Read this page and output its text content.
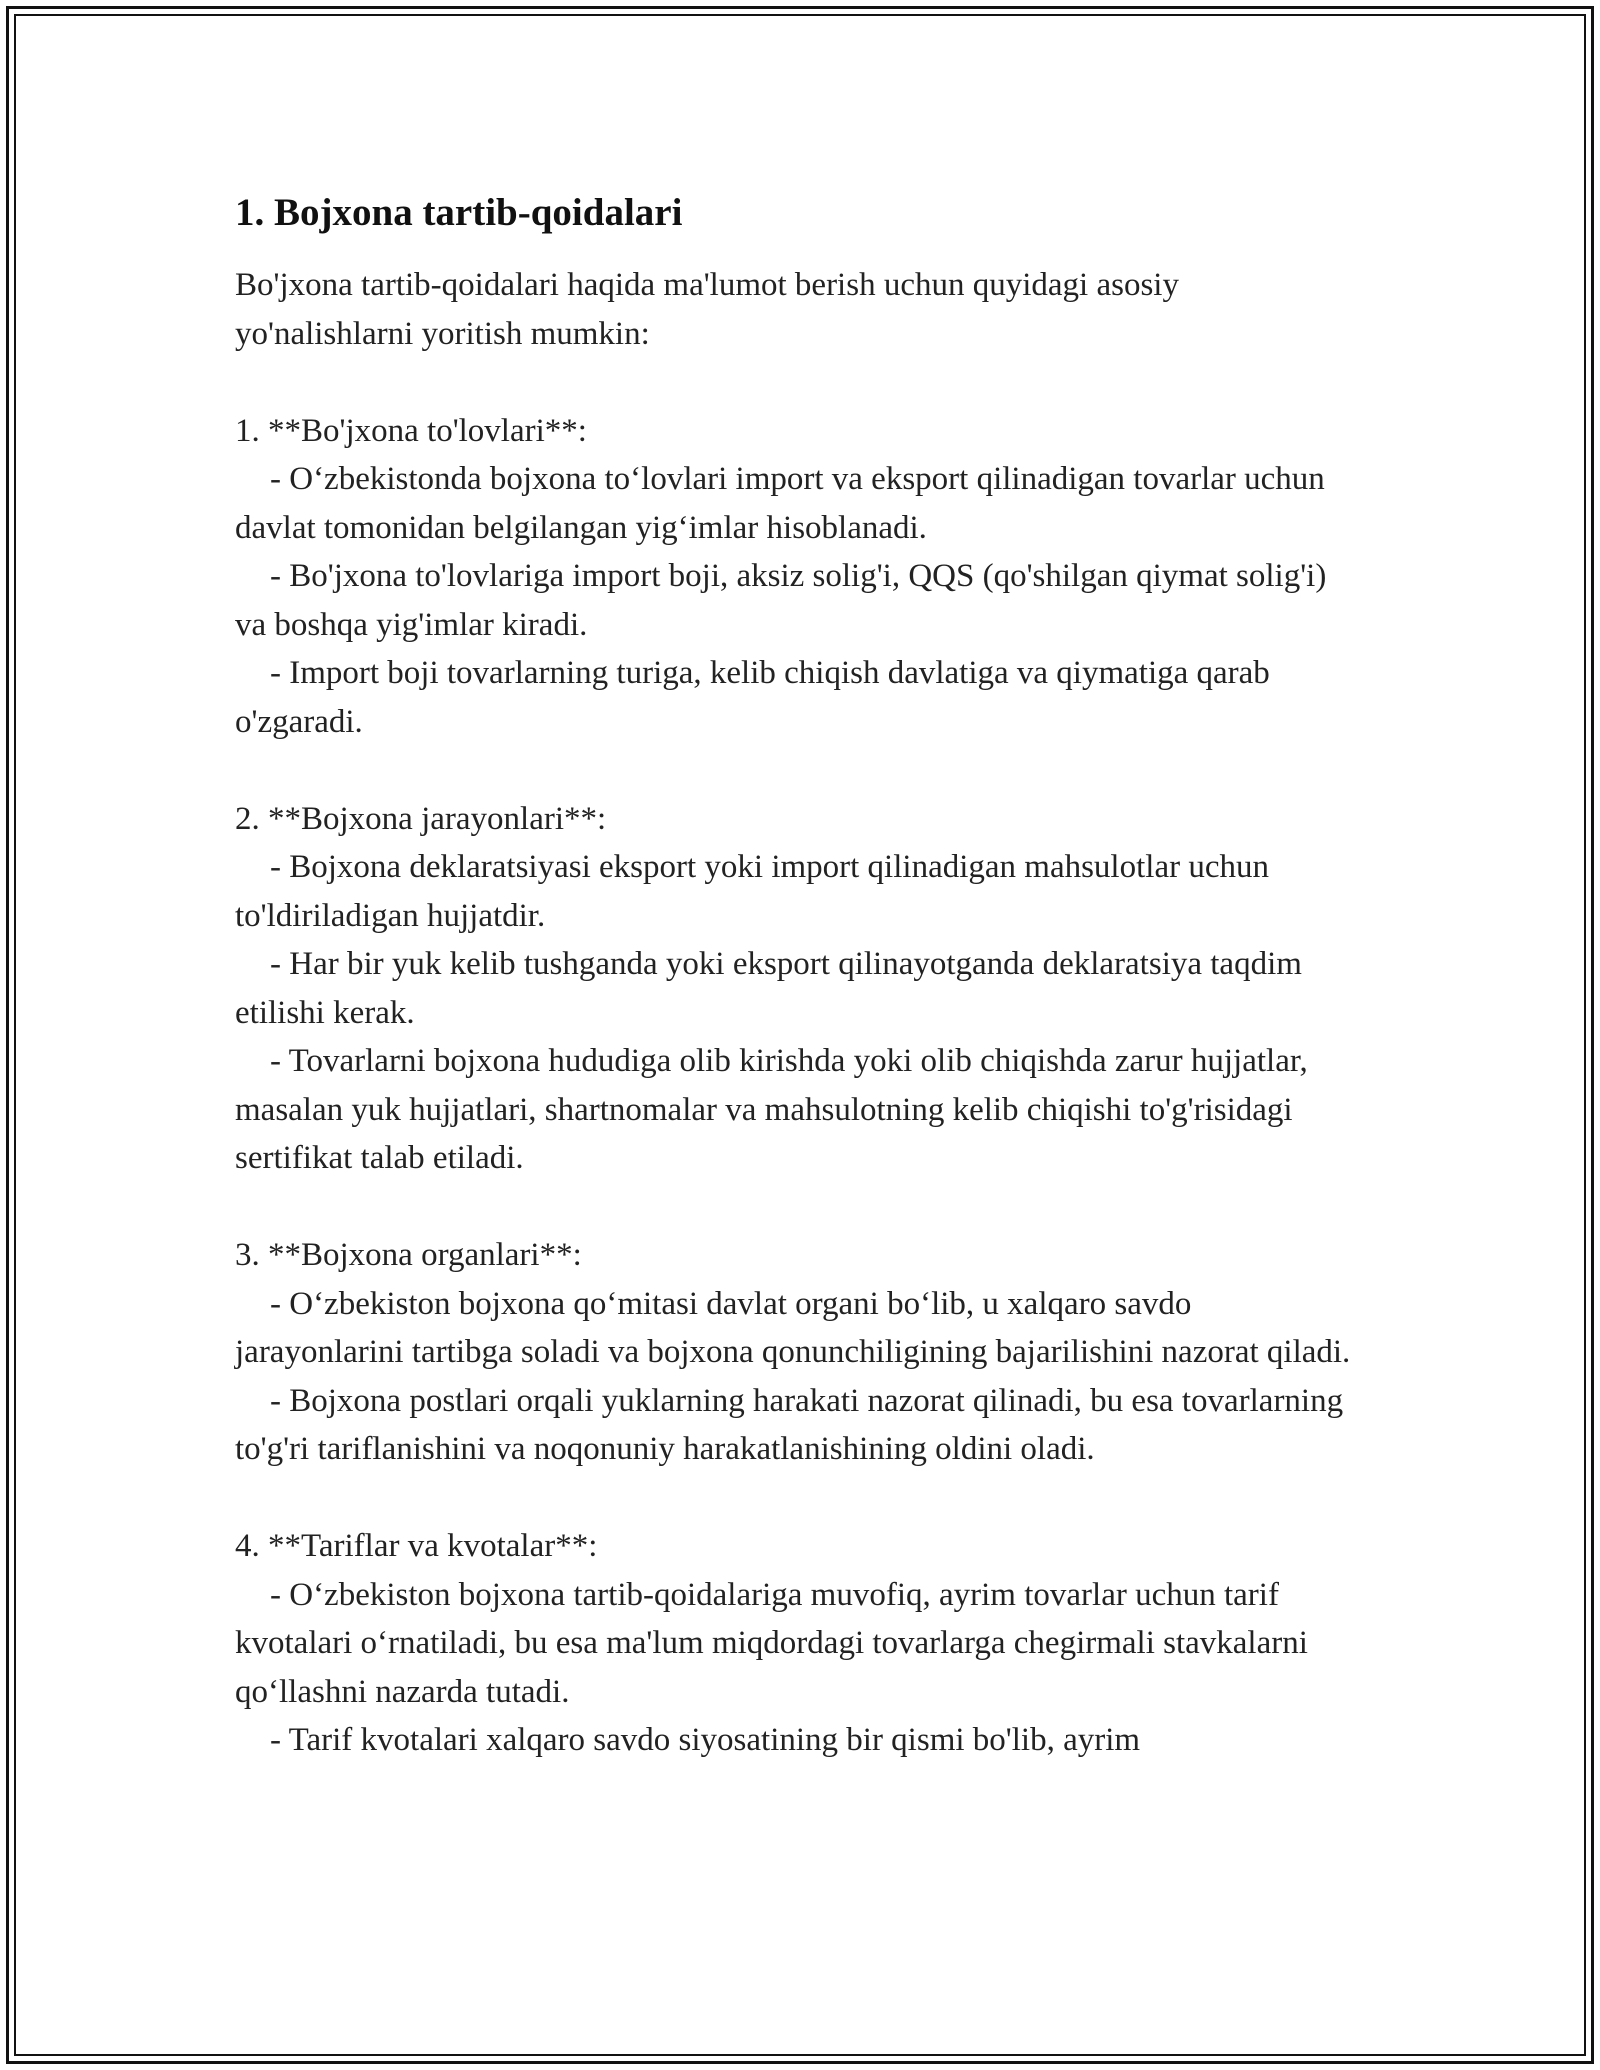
1. Bojxona tartib-qoidalari

Bo'jxona tartib-qoidalari haqida ma'lumot berish uchun quyidagi asosiy yo'nalishlarni yoritish mumkin:

1. **Bo'jxona to'lovlari**:

- O‘zbekistonda bojxona to‘lovlari import va eksport qilinadigan tovarlar uchun davlat tomonidan belgilangan yig‘imlar hisoblanadi.

- Bo'jxona to'lovlariga import boji, aksiz solig'i, QQS (qo'shilgan qiymat solig'i) va boshqa yig'imlar kiradi.

- Import boji tovarlarning turiga, kelib chiqish davlatiga va qiymatiga qarab o'zgaradi.

2. **Bojxona jarayonlari**:

- Bojxona deklaratsiyasi eksport yoki import qilinadigan mahsulotlar uchun to'ldiriladigan hujjatdir.

- Har bir yuk kelib tushganda yoki eksport qilinayotganda deklaratsiya taqdim etilishi kerak.

- Tovarlarni bojxona hududiga olib kirishda yoki olib chiqishda zarur hujjatlar, masalan yuk hujjatlari, shartnomalar va mahsulotning kelib chiqishi to'g'risidagi sertifikat talab etiladi.

3. **Bojxona organlari**:

- O‘zbekiston bojxona qo‘mitasi davlat organi bo‘lib, u xalqaro savdo jarayonlarini tartibga soladi va bojxona qonunchiligining bajarilishini nazorat qiladi.

- Bojxona postlari orqali yuklarning harakati nazorat qilinadi, bu esa tovarlarning to'g'ri tariflanishini va noqonuniy harakatlanishining oldini oladi.

4. **Tariflar va kvotalar**:

- O‘zbekiston bojxona tartib-qoidalariga muvofiq, ayrim tovarlar uchun tarif kvotalari o‘rnatiladi, bu esa ma'lum miqdordagi tovarlarga chegirmali stavkalarni qo‘llashni nazarda tutadi.

- Tarif kvotalari xalqaro savdo siyosatining bir qismi bo'lib, ayrim
